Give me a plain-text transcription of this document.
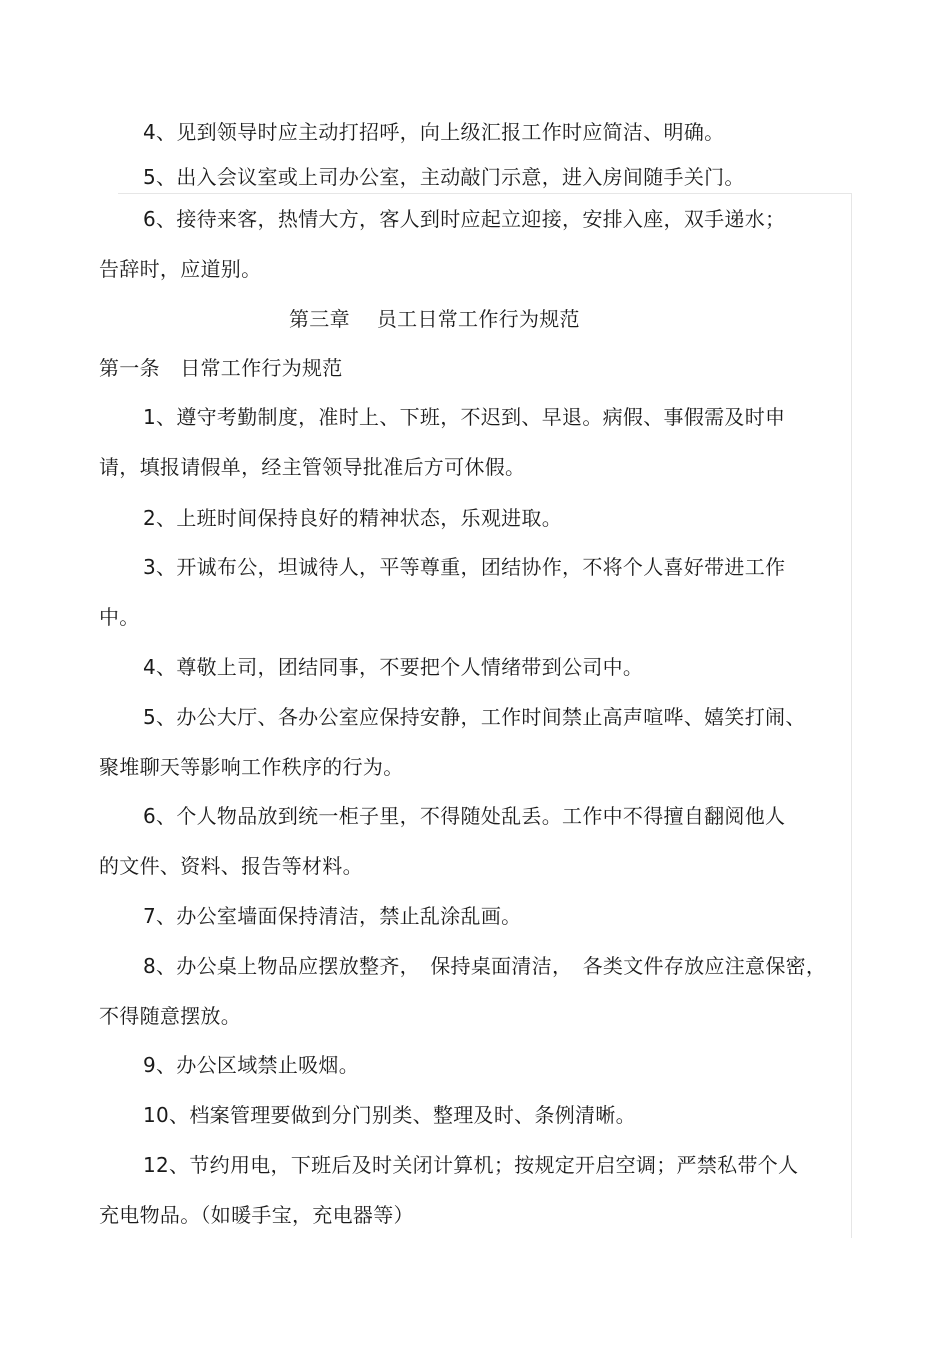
4、见到领导时应主动打招呼，向上级汇报工作时应简洁、明确。
5、出入会议室或上司办公室，主动敲门示意，进入房间随手关门。
6、接待来客，热情大方，客人到时应起立迎接，安排入座，双手递水；
告辞时，应道别。
第三章　 员工日常工作行为规范
第一条　日常工作行为规范
1、遵守考勤制度，准时上、下班，不迟到、早退。病假、事假需及时申
请，填报请假单，经主管领导批准后方可休假。
2、上班时间保持良好的精神状态，乐观进取。
3、开诚布公，坦诚待人，平等尊重，团结协作，不将个人喜好带进工作
中。
4、尊敬上司，团结同事，不要把个人情绪带到公司中。
5、办公大厅、各办公室应保持安静，工作时间禁止高声喧哗、嬉笑打闹、
聚堆聊天等影响工作秩序的行为。
6、个人物品放到统一柜子里，不得随处乱丢。工作中不得擅自翻阅他人
的文件、资料、报告等材料。
7、办公室墙面保持清洁，禁止乱涂乱画。
8、办公桌上物品应摆放整齐，　保持桌面清洁，　各类文件存放应注意保密，
不得随意摆放。
9、办公区域禁止吸烟。
10、档案管理要做到分门别类、整理及时、条例清晰。
12、节约用电，下班后及时关闭计算机；按规定开启空调；严禁私带个人
充电物品。（如暖手宝，充电器等）
